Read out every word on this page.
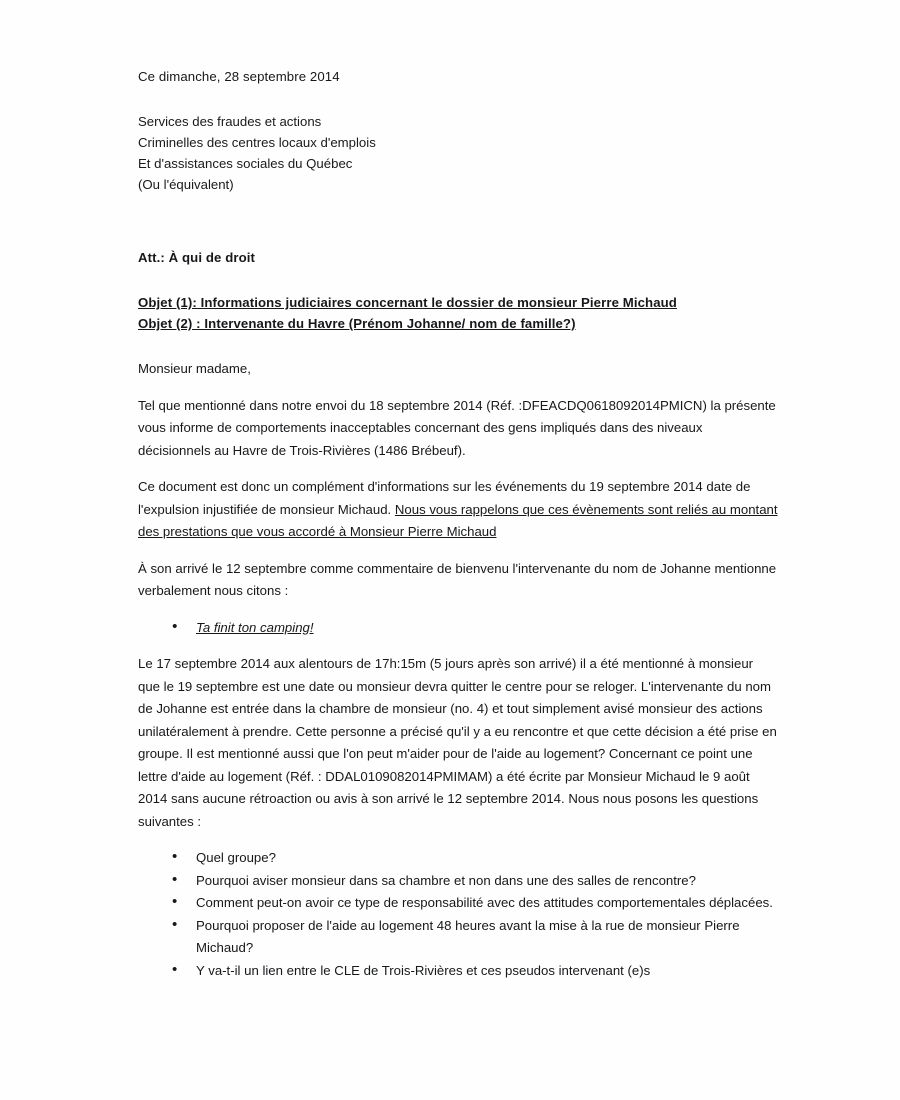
Ce dimanche, 28 septembre 2014
Services des fraudes et actions
Criminelles des centres locaux d'emplois
Et d'assistances sociales du Québec
(Ou l'équivalent)
Att.: À qui de droit
Objet (1): Informations judiciaires concernant le dossier de monsieur Pierre Michaud
Objet (2) : Intervenante du Havre (Prénom Johanne/ nom de famille?)

Monsieur madame,

Tel que mentionné dans notre envoi du 18 septembre 2014 (Réf. :DFEACDQ0618092014PMICN) la présente vous informe de comportements inacceptables concernant des gens impliqués dans des niveaux décisionnels au Havre de Trois-Rivières (1486 Brébeuf).

Ce document est donc un complément d'informations sur les événements du 19 septembre 2014 date de l'expulsion injustifiée de monsieur Michaud. Nous vous rappelons que ces évènements sont reliés au montant des prestations que vous accordé à Monsieur Pierre Michaud

À son arrivé le 12 septembre comme commentaire de bienvenu l'intervenante du nom de Johanne mentionne verbalement nous citons :

• Ta finit ton camping!

Le 17 septembre 2014 aux alentours de 17h:15m (5 jours après son arrivé) il a été mentionné à monsieur que le 19 septembre est une date ou monsieur devra quitter le centre pour se reloger. L'intervenante du nom de Johanne est entrée dans la chambre de monsieur (no. 4) et tout simplement avisé monsieur des actions unilatéralement à prendre. Cette personne a précisé qu'il y a eu rencontre et que cette décision a été prise en groupe. Il est mentionné aussi que l'on peut m'aider pour de l'aide au logement? Concernant ce point une lettre d'aide au logement (Réf. : DDAL0109082014PMIMAM) a été écrite par Monsieur Michaud le 9 août 2014 sans aucune rétroaction ou avis à son arrivé le 12 septembre 2014. Nous nous posons les questions suivantes :

• Quel groupe?
• Pourquoi aviser monsieur dans sa chambre et non dans une des salles de rencontre?
• Comment peut-on avoir ce type de responsabilité avec des attitudes comportementales déplacées.
• Pourquoi proposer de l'aide au logement 48 heures avant la mise à la rue de monsieur Pierre Michaud?
• Y va-t-il un lien entre le CLE de Trois-Rivières et ces pseudos intervenant (e)s
